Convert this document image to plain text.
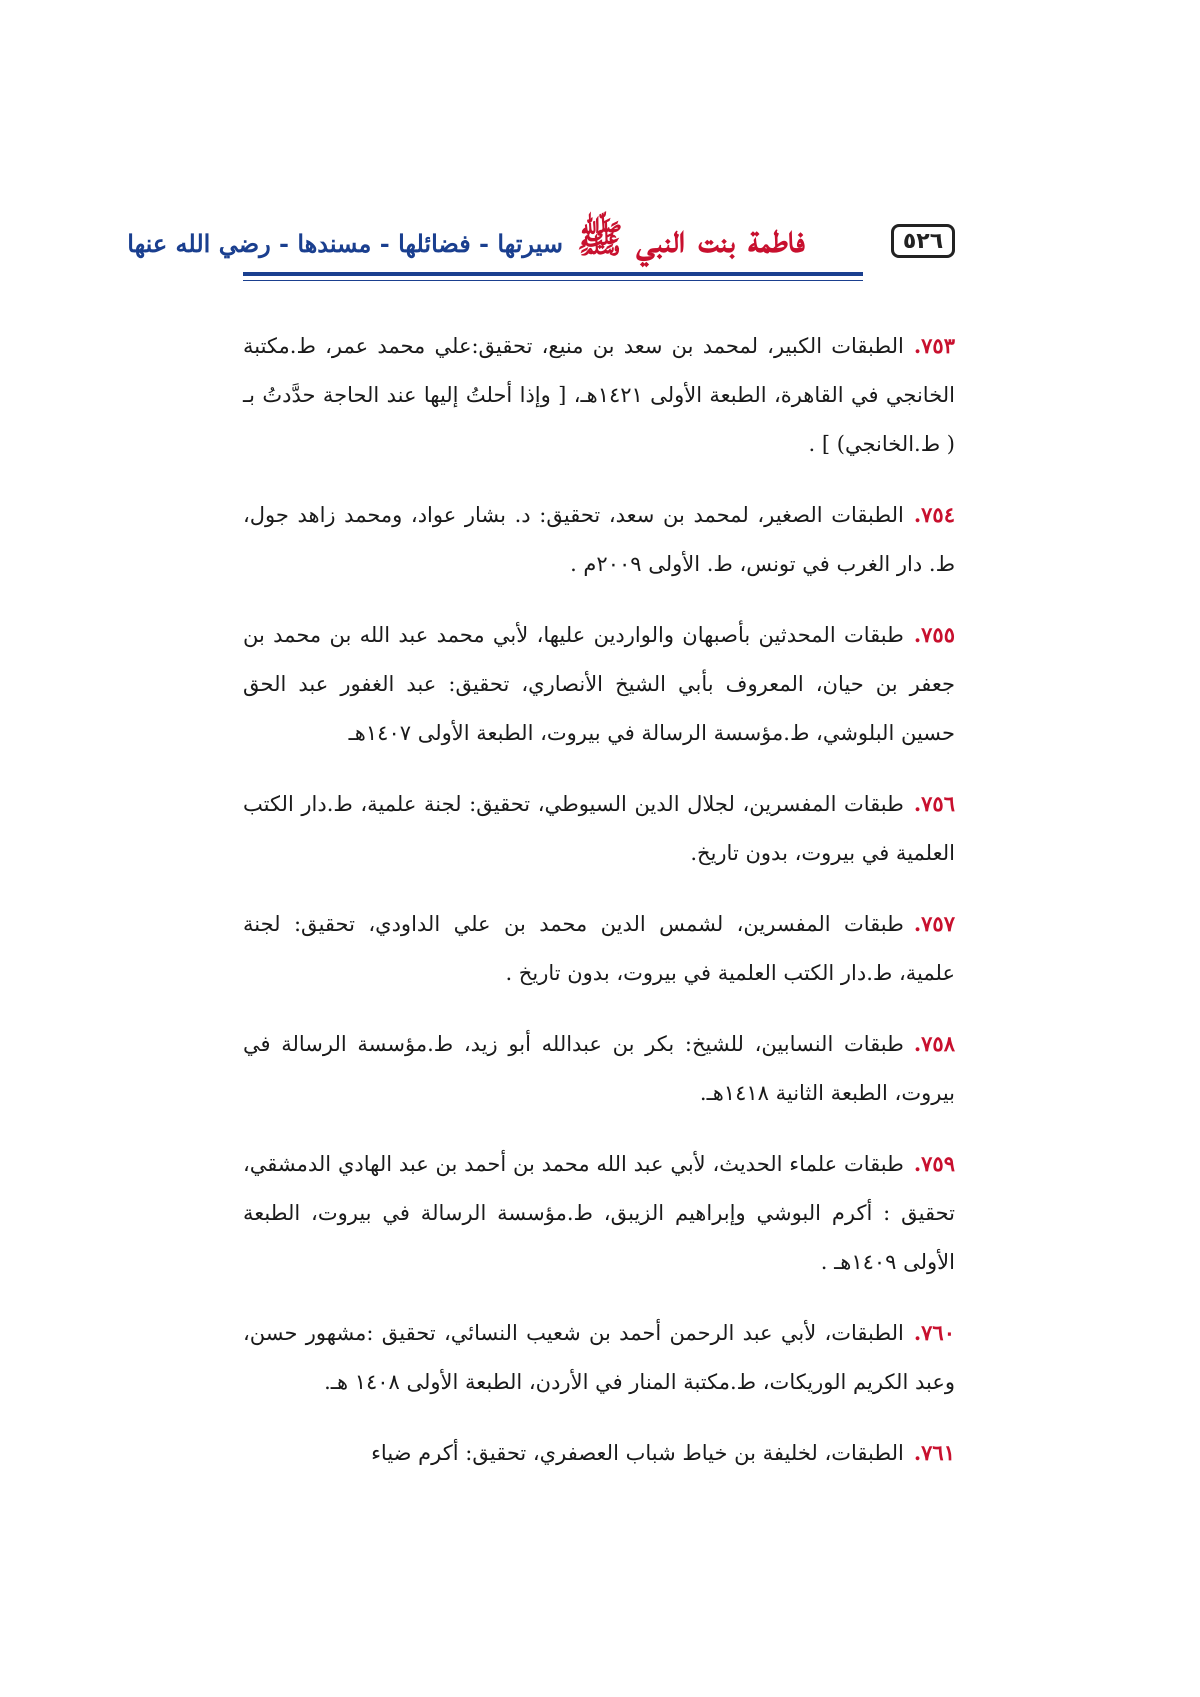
٥٢٦
فاطمة بنت النبي ﷺ
سيرتها - فضائلها - مسندها - رضي الله عنها

٧٥٣.الطبقات الكبير، لمحمد بن سعد بن منيع، تحقيق:علي محمد عمر، ط.مكتبة الخانجي في القاهرة، الطبعة الأولى ١٤٢١هـ، [ وإذا أحلتُ إليها عند الحاجة حدَّدتُ بـ ( ط.الخانجي) ] .

٧٥٤.الطبقات الصغير، لمحمد بن سعد، تحقيق: د. بشار عواد، ومحمد زاهد جول، ط. دار الغرب في تونس، ط. الأولى ٢٠٠٩م .

٧٥٥.طبقات المحدثين بأصبهان والواردين عليها، لأبي محمد عبد الله بن محمد بن جعفر بن حيان، المعروف بأبي الشيخ الأنصاري، تحقيق: عبد الغفور عبد الحق حسين البلوشي، ط.مؤسسة الرسالة في بيروت، الطبعة الأولى ١٤٠٧هـ

٧٥٦.طبقات المفسرين، لجلال الدين السيوطي، تحقيق: لجنة علمية، ط.دار الكتب العلمية في بيروت، بدون تاريخ.

٧٥٧.طبقات المفسرين، لشمس الدين محمد بن علي الداودي، تحقيق: لجنة علمية، ط.دار الكتب العلمية في بيروت، بدون تاريخ .

٧٥٨.طبقات النسابين، للشيخ: بكر بن عبدالله أبو زيد، ط.مؤسسة الرسالة في بيروت، الطبعة الثانية ١٤١٨هـ.

٧٥٩.طبقات علماء الحديث، لأبي عبد الله محمد بن أحمد بن عبد الهادي الدمشقي، تحقيق : أكرم البوشي وإبراهيم الزيبق، ط.مؤسسة الرسالة في بيروت، الطبعة الأولى ١٤٠٩هـ .

٧٦٠.الطبقات، لأبي عبد الرحمن أحمد بن شعيب النسائي، تحقيق :مشهور حسن، وعبد الكريم الوريكات، ط.مكتبة المنار في الأردن، الطبعة الأولى ١٤٠٨ هـ.

٧٦١.الطبقات، لخليفة بن خياط شباب العصفري، تحقيق: أكرم ضياء
